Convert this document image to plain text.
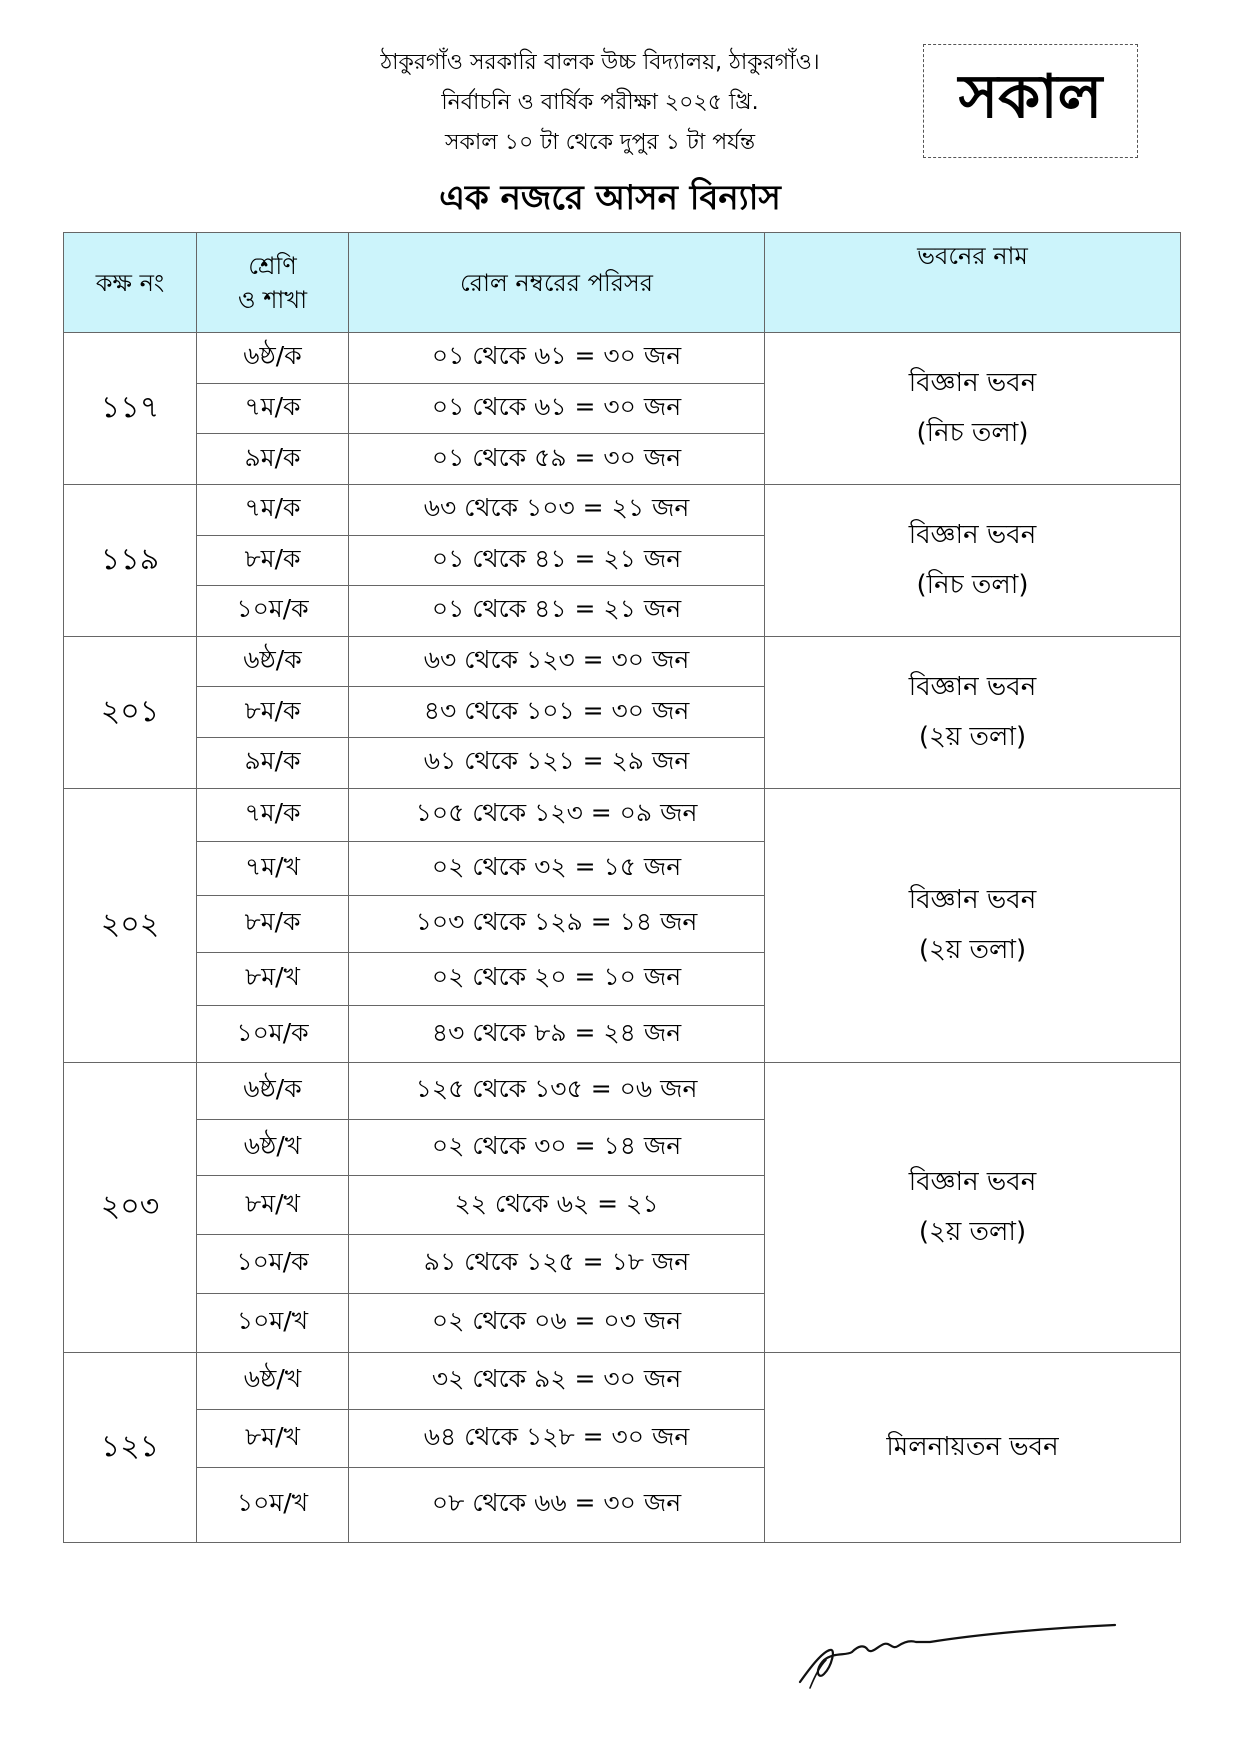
ঠাকুরগাঁও সরকারি বালক উচ্চ বিদ্যালয়, ঠাকুরগাঁও।
নির্বাচনি ও বার্ষিক পরীক্ষা ২০২৫ খ্রি.
সকাল ১০ টা থেকে দুপুর ১ টা পর্যন্ত
সকাল
এক নজরে আসন বিন্যাস
কক্ষ নং	শ্রেণি
ও শাখা	রোল নম্বরের পরিসর	ভবনের নাম
১১৭	৬ষ্ঠ/ক	০১ থেকে ৬১ = ৩০ জন	বিজ্ঞান ভবন
(নিচ তলা)
	৭ম/ক	০১ থেকে ৬১ = ৩০ জন	
	৯ম/ক	০১ থেকে ৫৯ = ৩০ জন	
১১৯	৭ম/ক	৬৩ থেকে ১০৩ = ২১ জন	বিজ্ঞান ভবন
(নিচ তলা)
	৮ম/ক	০১ থেকে ৪১ = ২১ জন	
	১০ম/ক	০১ থেকে ৪১ = ২১ জন	
২০১	৬ষ্ঠ/ক	৬৩ থেকে ১২৩ = ৩০ জন	বিজ্ঞান ভবন
(২য় তলা)
	৮ম/ক	৪৩ থেকে ১০১ = ৩০ জন	
	৯ম/ক	৬১ থেকে ১২১ = ২৯ জন	
২০২	৭ম/ক	১০৫ থেকে ১২৩ = ০৯ জন	বিজ্ঞান ভবন
(২য় তলা)
	৭ম/খ	০২ থেকে ৩২ = ১৫ জন	
	৮ম/ক	১০৩ থেকে ১২৯ = ১৪ জন	
	৮ম/খ	০২ থেকে ২০ = ১০ জন	
	১০ম/ক	৪৩ থেকে ৮৯ = ২৪ জন	
২০৩	৬ষ্ঠ/ক	১২৫ থেকে ১৩৫ = ০৬ জন	বিজ্ঞান ভবন
(২য় তলা)
	৬ষ্ঠ/খ	০২ থেকে ৩০ = ১৪ জন	
	৮ম/খ	২২ থেকে ৬২ = ২১	
	১০ম/ক	৯১ থেকে ১২৫ = ১৮ জন	
	১০ম/খ	০২ থেকে ০৬ = ০৩ জন	
১২১	৬ষ্ঠ/খ	৩২ থেকে ৯২ = ৩০ জন	মিলনায়তন ভবন
	৮ম/খ	৬৪ থেকে ১২৮ = ৩০ জন	
	১০ম/খ	০৮ থেকে ৬৬ = ৩০ জন	
